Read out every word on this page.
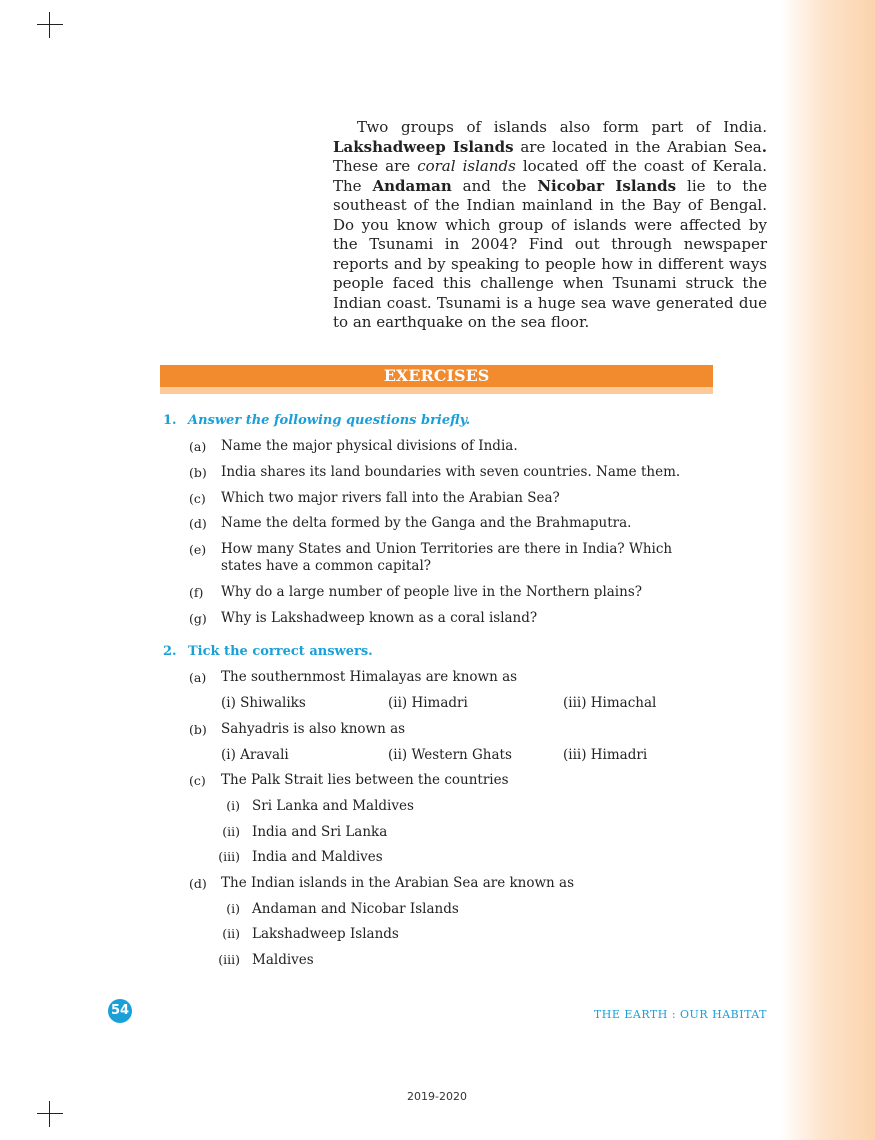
Two groups of islands also form part of India. Lakshadweep Islands are located in the Arabian Sea. These are coral islands located off the coast of Kerala. The Andaman and the Nicobar Islands lie to the southeast of the Indian mainland in the Bay of Bengal. Do you know which group of islands were affected by the Tsunami in 2004? Find out through newspaper reports and by speaking to people how in different ways people faced this challenge when Tsunami struck the Indian coast. Tsunami is a huge sea wave generated due to an earthquake on the sea floor.
EXERCISES
1. Answer the following questions briefly.
(a) Name the major physical divisions of India.
(b) India shares its land boundaries with seven countries. Name them.
(c) Which two major rivers fall into the Arabian Sea?
(d) Name the delta formed by the Ganga and the Brahmaputra.
(e) How many States and Union Territories are there in India? Which states have a common capital?
(f) Why do a large number of people live in the Northern plains?
(g) Why is Lakshadweep known as a coral island?
2. Tick the correct answers.
(a) The southernmost Himalayas are known as
(i) Shiwaliks	(ii) Himadri	(iii) Himachal
(b) Sahyadris is also known as
(i) Aravali	(ii) Western Ghats	(iii) Himadri
(c) The Palk Strait lies between the countries
(i) Sri Lanka and Maldives
(ii) India and Sri Lanka
(iii) India and Maldives
(d) The Indian islands in the Arabian Sea are known as
(i) Andaman and Nicobar Islands
(ii) Lakshadweep Islands
(iii) Maldives
54	THE EARTH : OUR HABITAT
2019-2020
